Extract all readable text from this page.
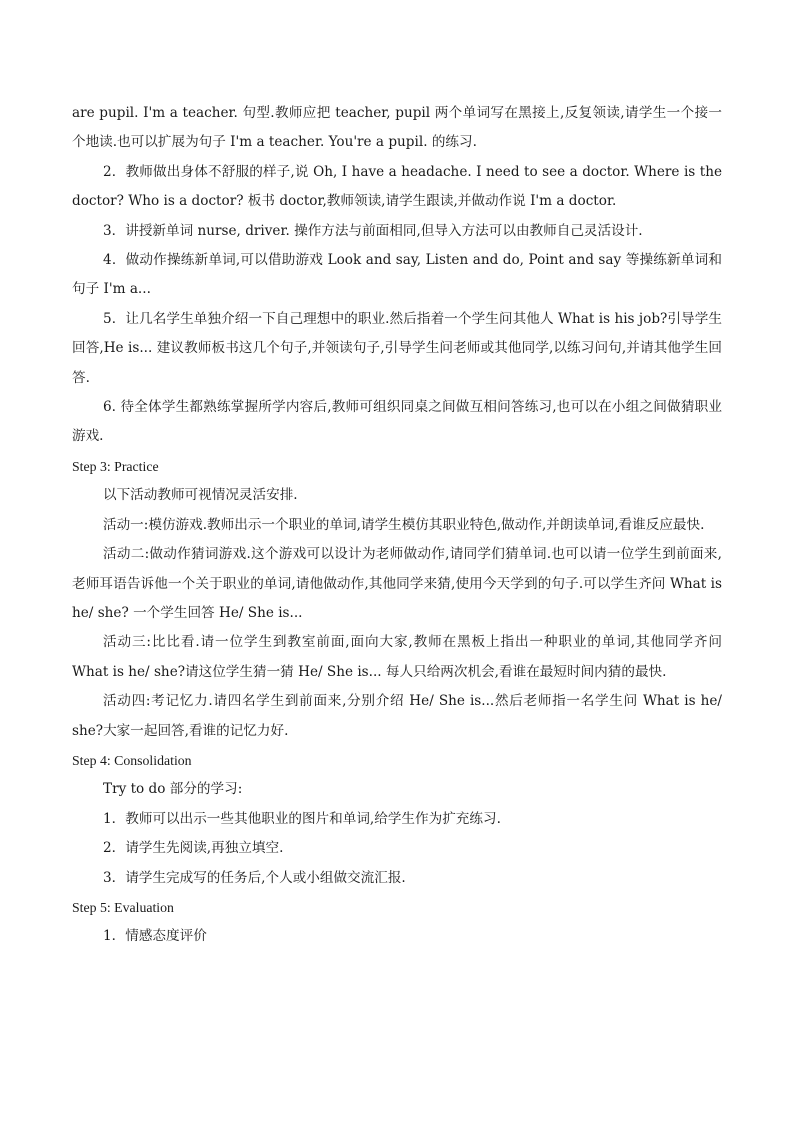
are pupil. I'm a teacher. 句型.教师应把 teacher, pupil 两个单词写在黑接上,反复领读,请学生一个接一个地读.也可以扩展为句子 I'm a teacher. You're a pupil. 的练习.

2．教师做出身体不舒服的样子,说 Oh, I have a headache. I need to see a doctor. Where is the doctor? Who is a doctor? 板书 doctor,教师领读,请学生跟读,并做动作说 I'm a doctor.

3．讲授新单词 nurse, driver. 操作方法与前面相同,但导入方法可以由教师自己灵活设计.

4．做动作操练新单词,可以借助游戏 Look and say, Listen and do, Point and say 等操练新单词和句子 I'm a...

5．让几名学生单独介绍一下自己理想中的职业.然后指着一个学生问其他人 What is his job?引导学生回答,He is... 建议教师板书这几个句子,并领读句子,引导学生问老师或其他同学,以练习问句,并请其他学生回答.

6. 待全体学生都熟练掌握所学内容后,教师可组织同桌之间做互相问答练习,也可以在小组之间做猜职业游戏.

Step 3: Practice

以下活动教师可视情况灵活安排.

活动一:模仿游戏.教师出示一个职业的单词,请学生模仿其职业特色,做动作,并朗读单词,看谁反应最快.

活动二:做动作猜词游戏.这个游戏可以设计为老师做动作,请同学们猜单词.也可以请一位学生到前面来,老师耳语告诉他一个关于职业的单词,请他做动作,其他同学来猜,使用今天学到的句子.可以学生齐问 What is he/ she? 一个学生回答 He/ She is...

活动三:比比看.请一位学生到教室前面,面向大家,教师在黑板上指出一种职业的单词,其他同学齐问 What is he/ she?请这位学生猜一猜 He/ She is... 每人只给两次机会,看谁在最短时间内猜的最快.

活动四:考记忆力.请四名学生到前面来,分别介绍 He/ She is...然后老师指一名学生问 What is he/ she?大家一起回答,看谁的记忆力好.

Step 4: Consolidation

Try to do 部分的学习:

1．教师可以出示一些其他职业的图片和单词,给学生作为扩充练习.

2．请学生先阅读,再独立填空.

3．请学生完成写的任务后,个人或小组做交流汇报.

Step 5: Evaluation

1．情感态度评价
